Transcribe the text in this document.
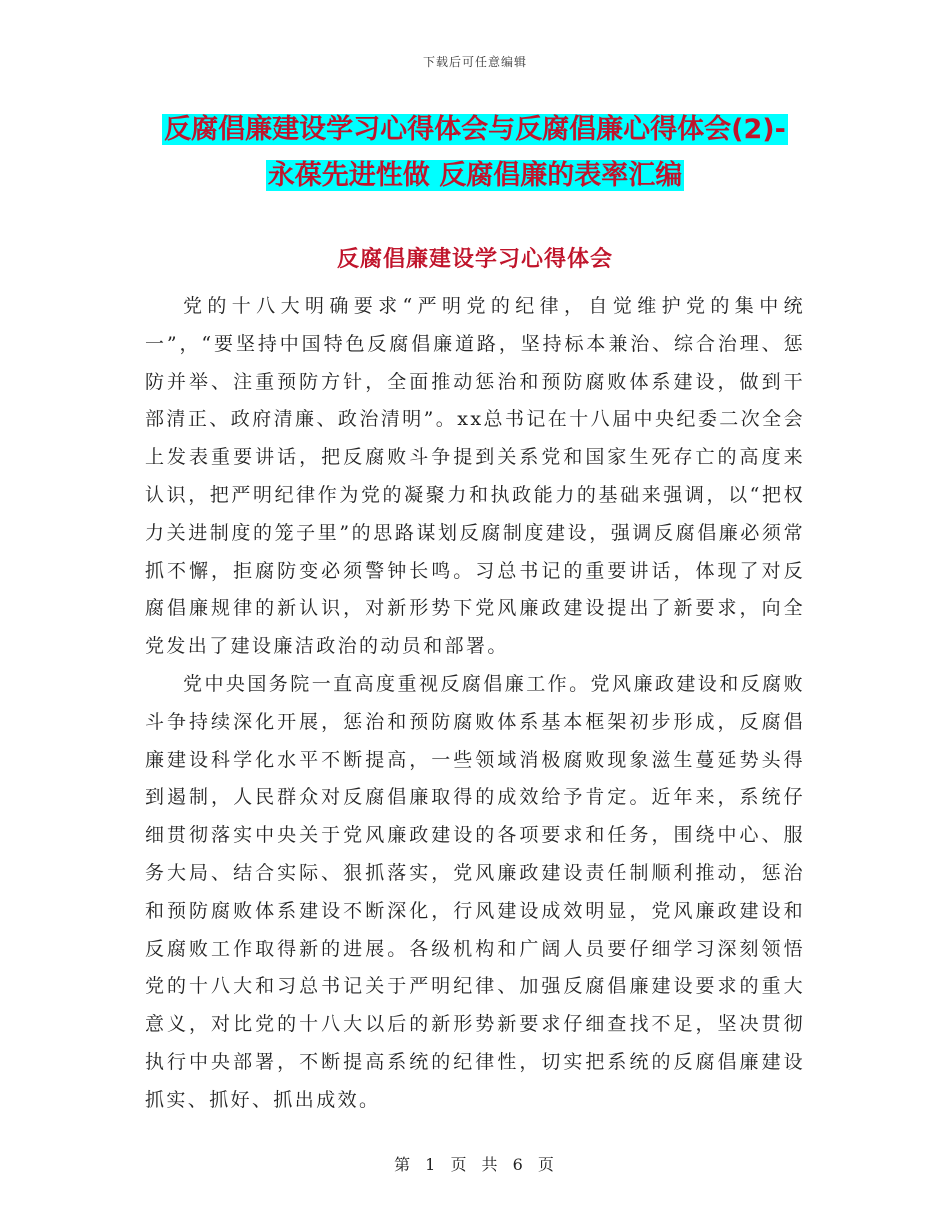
下载后可任意编辑
反腐倡廉建设学习心得体会与反腐倡廉心得体会(2)-
永葆先进性做 反腐倡廉的表率汇编
反腐倡廉建设学习心得体会

党的十八大明确要求“严明党的纪律，自觉维护党的集中统一”，“要坚持中国特色反腐倡廉道路，坚持标本兼治、综合治理、惩防并举、注重预防方针，全面推动惩治和预防腐败体系建设，做到干部清正、政府清廉、政治清明”。xx总书记在十八届中央纪委二次全会上发表重要讲话，把反腐败斗争提到关系党和国家生死存亡的高度来认识，把严明纪律作为党的凝聚力和执政能力的基础来强调，以“把权力关进制度的笼子里”的思路谋划反腐制度建设，强调反腐倡廉必须常抓不懈，拒腐防变必须警钟长鸣。习总书记的重要讲话，体现了对反腐倡廉规律的新认识，对新形势下党风廉政建设提出了新要求，向全党发出了建设廉洁政治的动员和部署。

党中央国务院一直高度重视反腐倡廉工作。党风廉政建设和反腐败斗争持续深化开展，惩治和预防腐败体系基本框架初步形成，反腐倡廉建设科学化水平不断提高，一些领域消极腐败现象滋生蔓延势头得到遏制，人民群众对反腐倡廉取得的成效给予肯定。近年来，系统仔细贯彻落实中央关于党风廉政建设的各项要求和任务，围绕中心、服务大局、结合实际、狠抓落实，党风廉政建设责任制顺利推动，惩治和预防腐败体系建设不断深化，行风建设成效明显，党风廉政建设和反腐败工作取得新的进展。各级机构和广阔人员要仔细学习深刻领悟党的十八大和习总书记关于严明纪律、加强反腐倡廉建设要求的重大意义，对比党的十八大以后的新形势新要求仔细查找不足，坚决贯彻执行中央部署，不断提高系统的纪律性，切实把系统的反腐倡廉建设抓实、抓好、抓出成效。

第 1 页 共 6 页
